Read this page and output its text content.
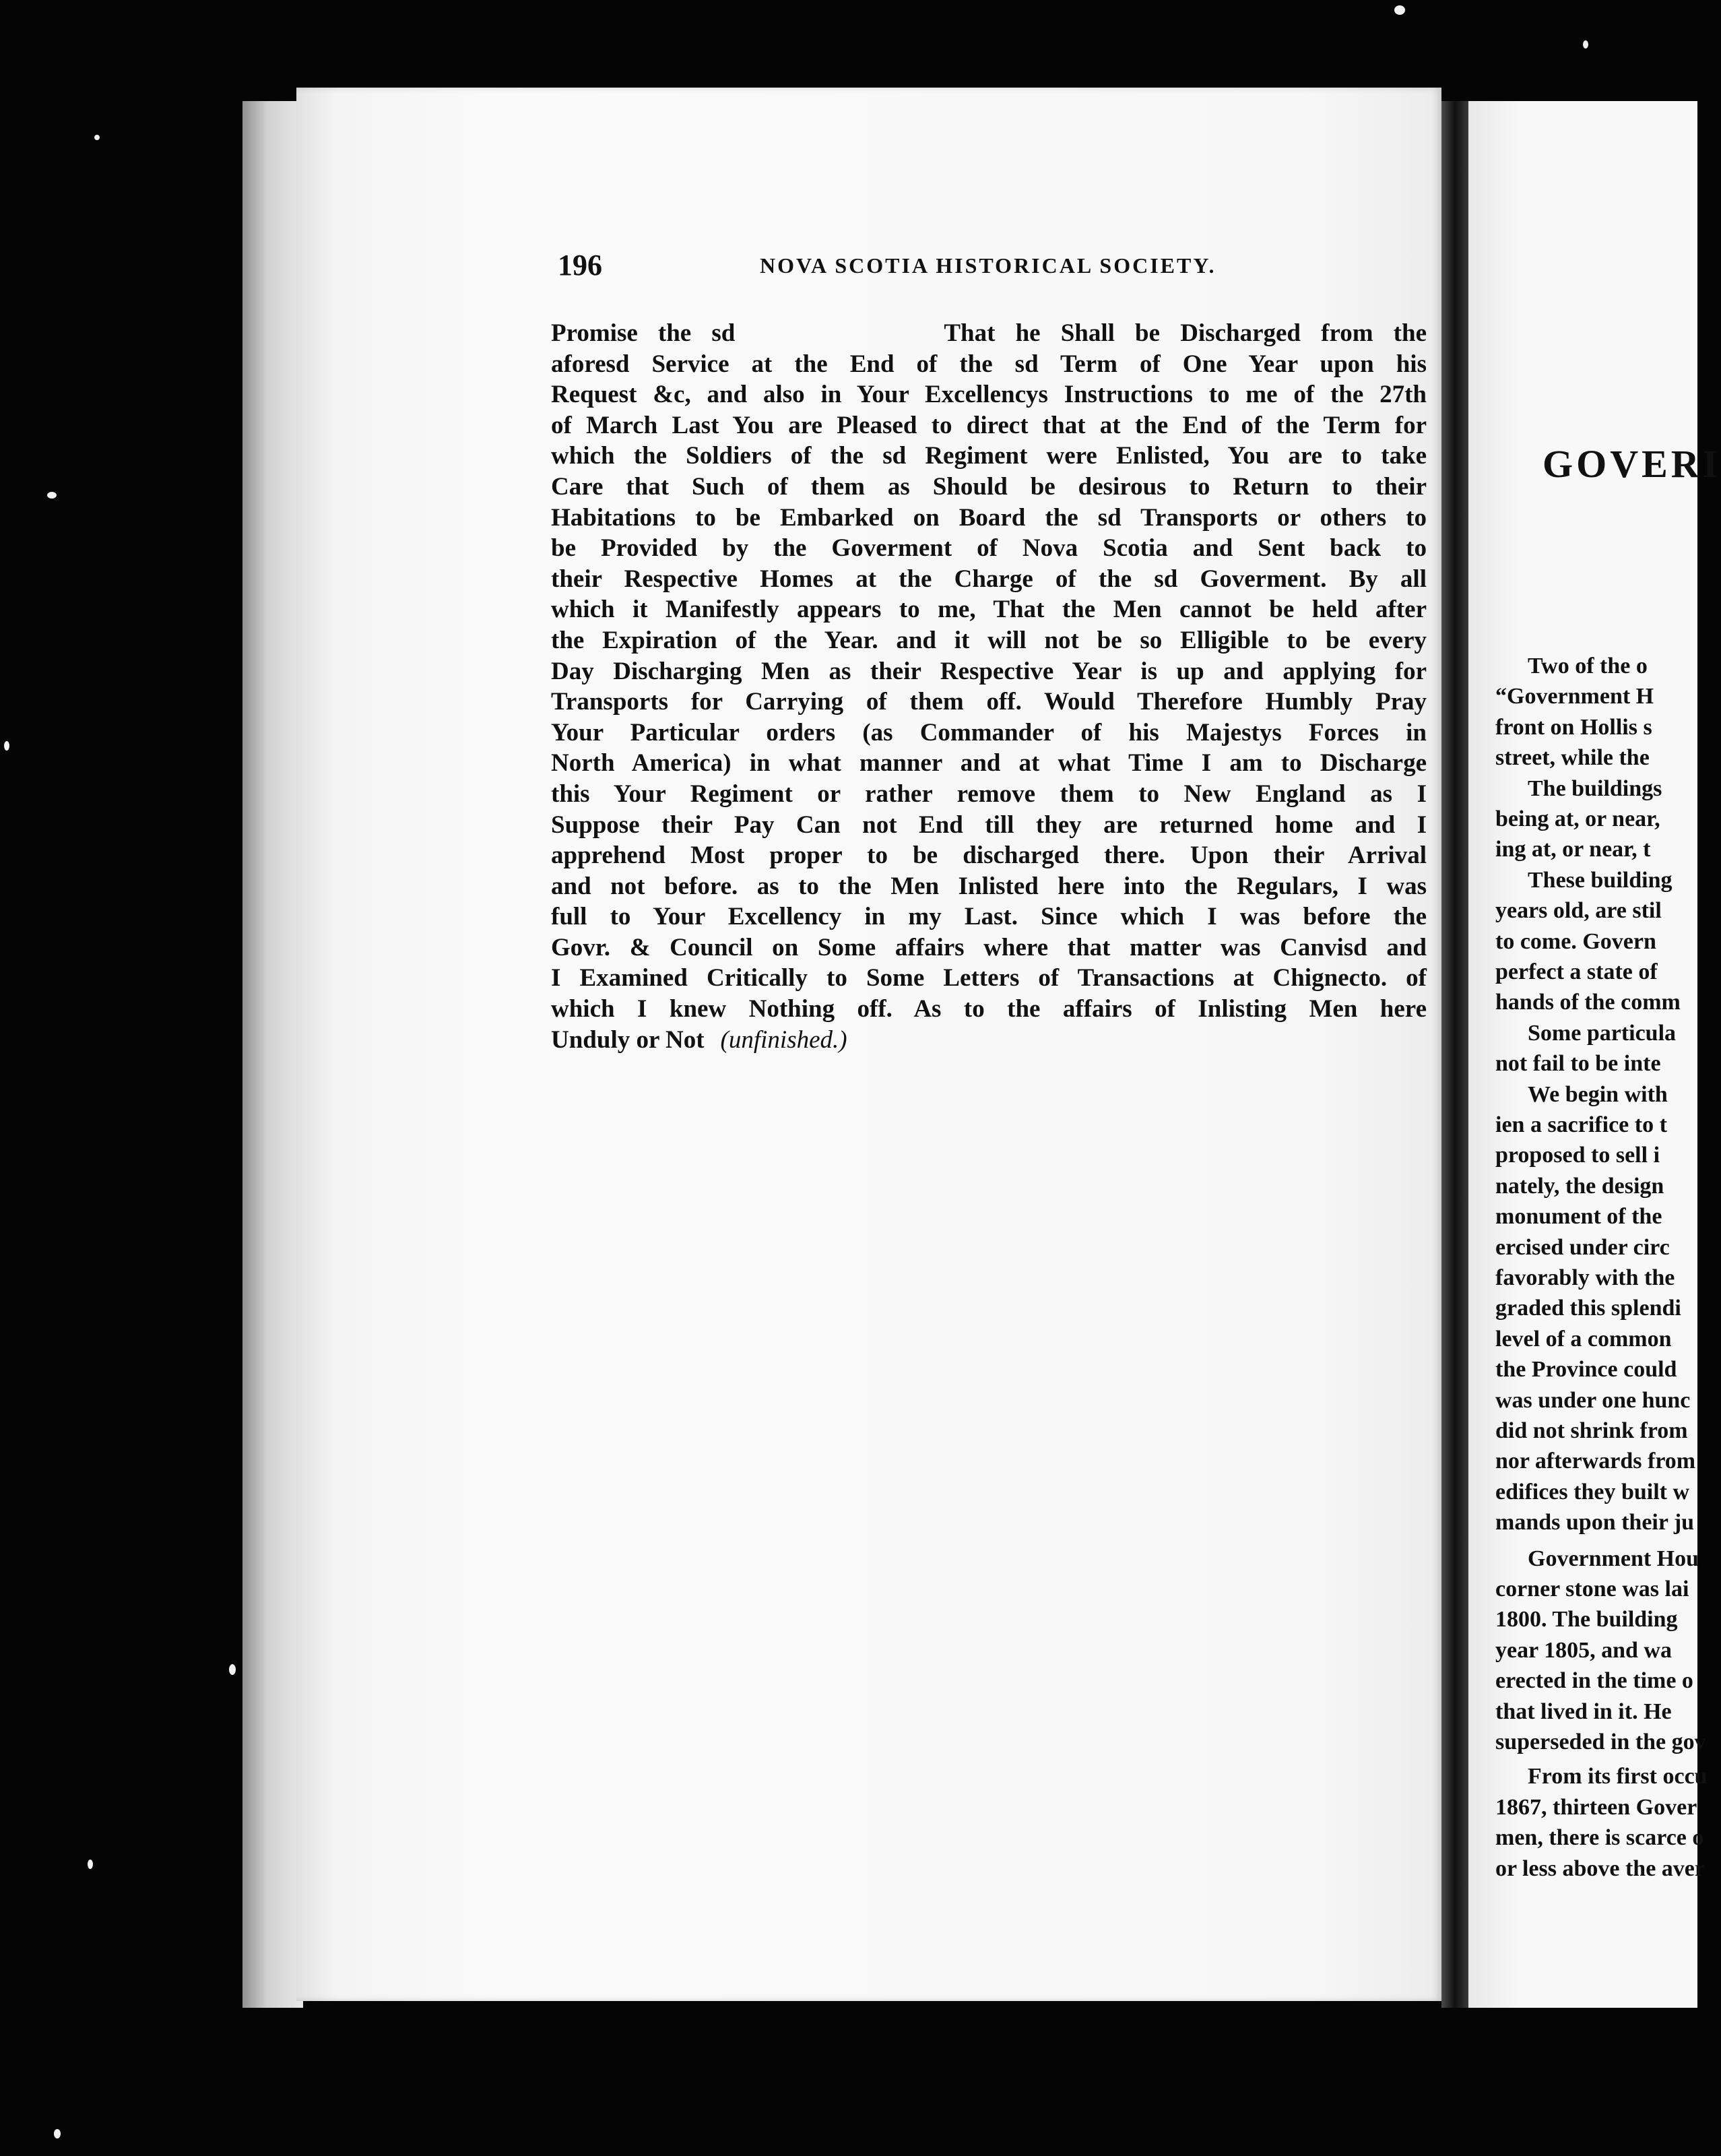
196	NOVA SCOTIA HISTORICAL SOCIETY.
Promise the sd	That he Shall be Discharged from the
aforesd Service at the End of the sd Term of One Year upon his
Request &c, and also in Your Excellencys Instructions to me of the 27th
of March Last You are Pleased to direct that at the End of the Term for
which the Soldiers of the sd Regiment were Enlisted, You are to take
Care that Such of them as Should be desirous to Return to their
Habitations to be Embarked on Board the sd Transports or others to
be Provided by the Goverment of Nova Scotia and Sent back to
their Respective Homes at the Charge of the sd Goverment. By all
which it Manifestly appears to me, That the Men cannot be held after
the Expiration of the Year. and it will not be so Elligible to be every
Day Discharging Men as their Respective Year is up and applying for
Transports for Carrying of them off. Would Therefore Humbly Pray
Your Particular orders (as Commander of his Majestys Forces in
North America) in what manner and at what Time I am to Discharge
this Your Regiment or rather remove them to New England as I
Suppose their Pay Can not End till they are returned home and I
apprehend Most proper to be discharged there. Upon their Arrival
and not before. as to the Men Inlisted here into the Regulars, I was
full to Your Excellency in my Last. Since which I was before the
Govr. & Council on Some affairs where that matter was Canvisd and
I Examined Critically to Some Letters of Transactions at Chignecto. of
which I knew Nothing off. As to the affairs of Inlisting Men here
Unduly or Not (unfinished.)
GOVERI
Two of the o
“Government H
front on Hollis s
street, while the
The buildings
being at, or near,
ing at, or near, t
These building
years old, are stil
to come. Govern
perfect a state of
hands of the comm
Some particula
not fail to be inte
We begin with
ien a sacrifice to t
proposed to sell i
nately, the design
monument of the
ercised under circ
favorably with the
graded this splendi
level of a common
the Province could
was under one hunc
did not shrink from
nor afterwards from
edifices they built w
mands upon their ju
Government Hou
corner stone was lai
1800. The building
year 1805, and wa
erected in the time o
that lived in it. He
superseded in the gov
From its first occu
1867, thirteen Gover
men, there is scarce o
or less above the aver
